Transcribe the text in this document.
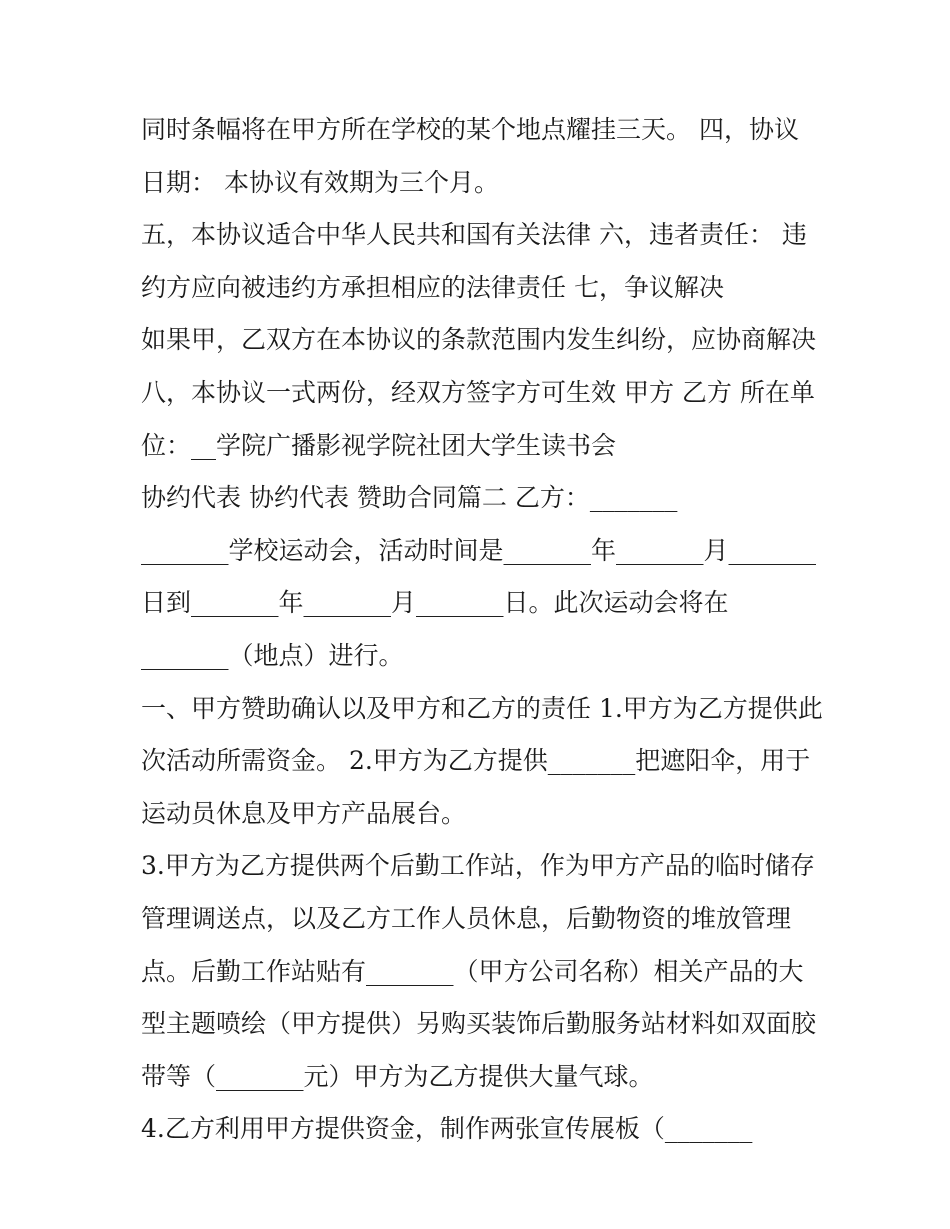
同时条幅将在甲方所在学校的某个地点耀挂三天。 四，协议
日期： 本协议有效期为三个月。
五，本协议适合中华人民共和国有关法律 六，违者责任： 违
约方应向被违约方承担相应的法律责任 七，争议解决
如果甲，乙双方在本协议的条款范围内发生纠纷，应协商解决
八，本协议一式两份，经双方签字方可生效 甲方 乙方 所在单
位：__学院广播影视学院社团大学生读书会
协约代表 协约代表 赞助合同篇二 乙方：_______
_______学校运动会，活动时间是_______年_______月_______
日到_______年_______月_______日。此次运动会将在
_______（地点）进行。
一、甲方赞助确认以及甲方和乙方的责任 1.甲方为乙方提供此
次活动所需资金。 2.甲方为乙方提供_______把遮阳伞，用于
运动员休息及甲方产品展台。
3.甲方为乙方提供两个后勤工作站，作为甲方产品的临时储存
管理调送点，以及乙方工作人员休息，后勤物资的堆放管理
点。后勤工作站贴有_______（甲方公司名称）相关产品的大
型主题喷绘（甲方提供）另购买装饰后勤服务站材料如双面胶
带等（_______元）甲方为乙方提供大量气球。
4.乙方利用甲方提供资金，制作两张宣传展板（_______
